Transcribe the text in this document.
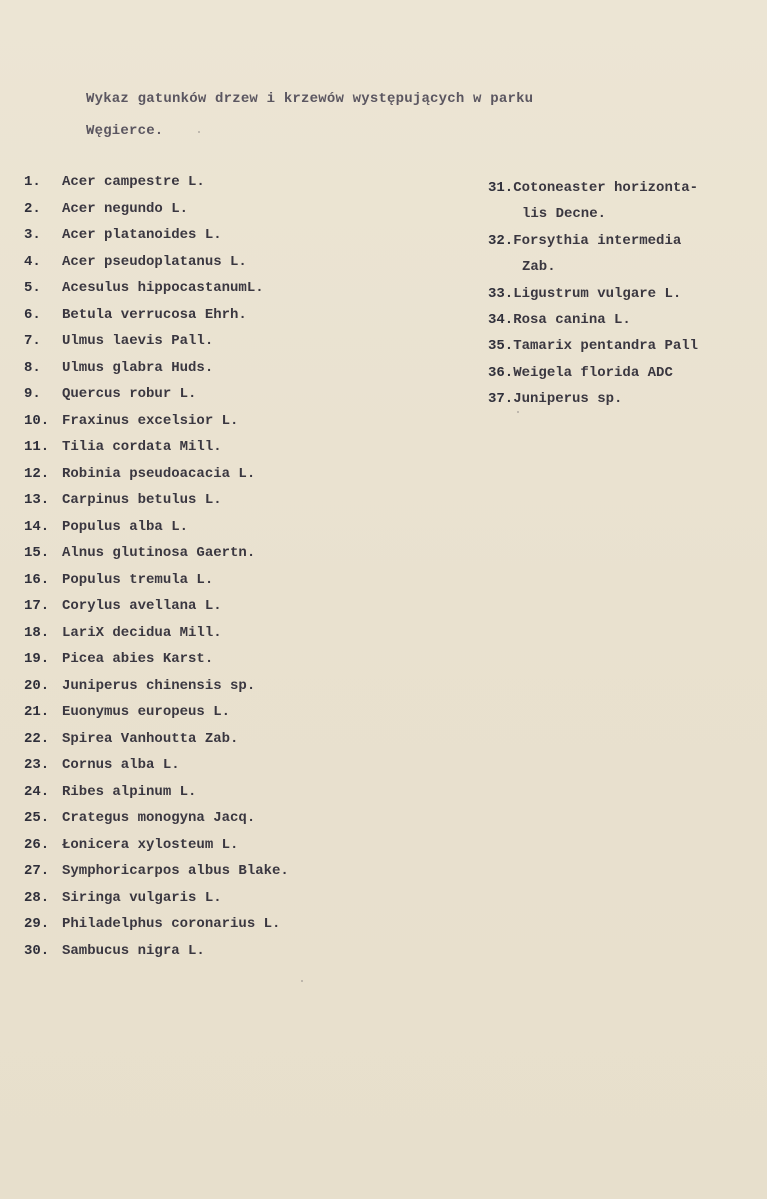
Wykaz gatunków drzew i krzewów występujących w parku
Węgierce.
1. Acer campestre L.
2. Acer negundo L.
3. Acer platanoides L.
4. Acer pseudoplatanus L.
5. Acesulus hippocastanumL.
6. Betula verrucosa Ehrh.
7. Ulmus laevis Pall.
8. Ulmus glabra Huds.
9. Quercus robur L.
10. Fraxinus excelsior L.
11. Tilia cordata Mill.
12. Robinia pseudoacacia L.
13. Carpinus betulus L.
14. Populus alba L.
15. Alnus glutinosa Gaertn.
16. Populus tremula L.
17. Corylus avellana L.
18. LariX decidua Mill.
19. Picea abies Karst.
20. Juniperus chinensis sp.
21. Euonymus europeus L.
22. Spirea Vanhoutta Zab.
23. Cornus alba L.
24. Ribes alpinum L.
25. Crategus monogyna Jacq.
26. Łonicera xylosteum L.
27. Symphoricarpos albus Blake.
28. Siringa vulgaris L.
29. Philadelphus coronarius L.
30. Sambucus nigra L.
31.Cotoneaster horizonta-
lis Decne.
32.Forsythia intermedia
Zab.
33.Ligustrum vulgare L.
34.Rosa canina L.
35.Tamarix pentandra Pall
36.Weigela florida ADC
37.Juniperus sp.
